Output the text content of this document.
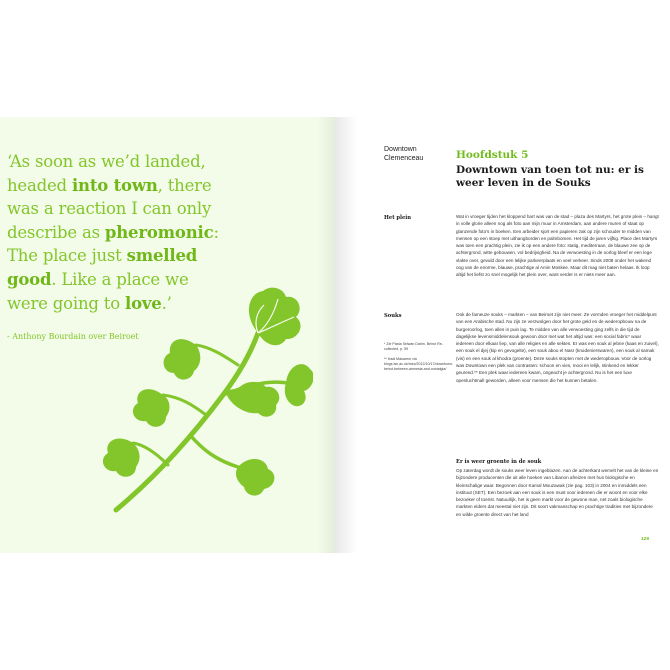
‘As soon as we’d landed,
headed into town, there
was a reaction I can only
describe as pheromonic:
The place just smelled
good. Like a place we
were going to love.’
- Anthony Bourdain over Beiroet
Downtown Clemenceau	Hoofdstuk 5
Downtown van toen tot nu: er is weer leven in de Souks
Het plein	Wat in vroeger tijden het kloppend hart was van de stad – plaza des Martyrs, het grote plein – hangt in volle glorie alleen nog als foto aan mijn muur in Amsterdam, aan andere muren of staat op glanzende foto's in boeken. Een arbeider sjort een papieren zak op zijn schouder te midden van mensen op een stoep met uithangborden en palmbomen. Het tijd de jaren vijftig. Place des Martyrs was toen een prachtig plein, zie ik op een andere foto: statig, mediterraan, de blauwe zee op de achtergrond, witte gebouwen, vol bedrijvigheid. Na de verwoesting in de oorlog bleef er een lege vlakte over, gevuld door een lelijke parkeerplaats en veel verkeer. Sinds 2008 onder het wakend oog van de enorme, blauwe, prachtige al Amin Moskee. Maar dit mag niet baten helaas. Ik loop altijd het liefst zo snel mogelijk het plein over, want verder is er niets meer aan.
Souks	Ook de fameuze souks – markten – van Beiroet zijn niet meer. Ze vormden vroeger het middelpunt van een Arabische stad. Nu zijn ze verzwolgen door het grote geld en de wederopbouw na de burgeroorlog, toen alles in puin lag. Te midden van alle verwoesting ging zelfs in die tijd de dagelijkse levensmiddelensouk gewoon door met wat het altijd was: een social fabric* waar iedereen door elkaar liep, van alle religies en alle sektes. Er was een souk al jebne (kaas en zuivel), een souk el djej (kip en gevogelte), een souk abou el Nasr (kruidenierswaren), een souk al samak (vis) en een souk al khodra (groente). Deze souks stopten met de wederopbouw. Voor de oorlog was Downtown een plek van contrasten: schoon en vies, mooi en lelijk, stinkend en lekker geurend.** Een plek waar iedereen kwam, ongeacht je achtergrond. Nu is het een luxe openluchtmall geworden, alleen voor mensen die het kunnen betalen.
* Zie Pasta Selwan Dahin, Beirut Re-collected, p. 59
** Hadi Makarem via blogs.lse.ac.uk/mec/2012/10/17/downtown-beirut-between-amnesia-and-nostalgia/
Er is weer groente in de souk
Op zaterdag wordt de souks weer leven ingeblazen. Aan de achterkant wemelt het van de kleine en bijzondere producenten die uit alle hoeken van Libanon afreizen met hun biologische en kleinschalige waar. Begonnen door Kamal Mouzawak (zie pag. 103) in 2004 en inmiddels een instituut (SET). Een bezoek aan een souk is een must voor iedereen die er woont en voor elke bezoeker of toerist. Natuurlijk, het is geen markt voor de gewone man, net zoals biologische markten elders dat meestal niet zijn. Dit soort vakmanschap en prachtige tradities met bijzondere en wilde groente direct van het land
129
